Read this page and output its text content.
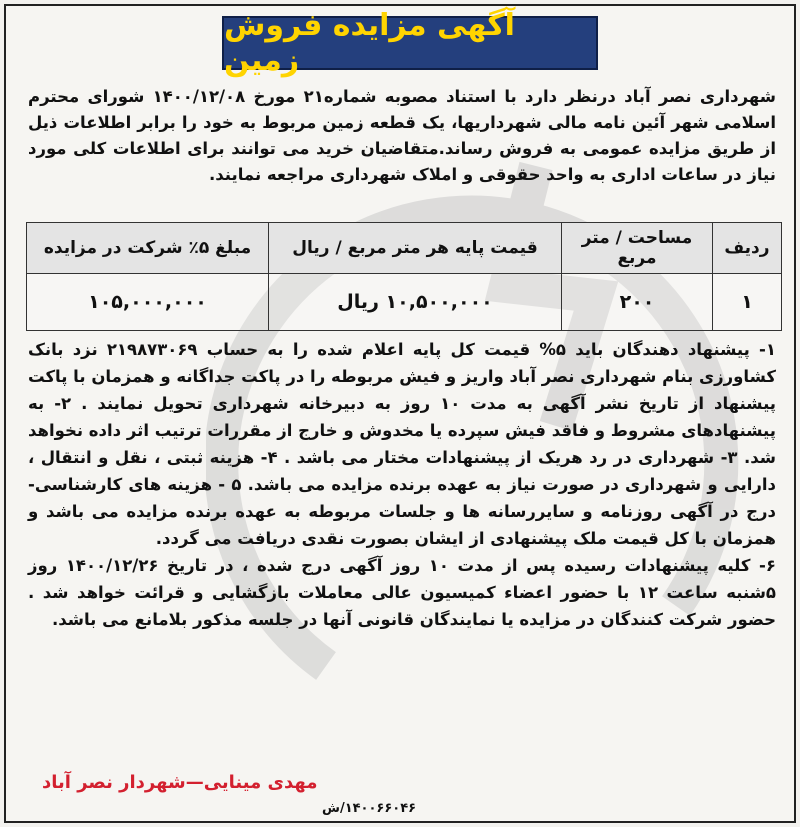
آگهی مزایده فروش زمین
شهرداری نصر آباد درنظر دارد با استناد مصوبه شماره۲۱ مورخ ۱۴۰۰/۱۲/۰۸ شورای محترم اسلامی شهر آئین نامه مالی شهرداریها، یک قطعه زمین مربوط به خود را برابر اطلاعات ذیل از طریق مزایده عمومی به فروش رساند.متقاضیان خرید می توانند برای اطلاعات کلی مورد نیاز در ساعات اداری به واحد حقوقی و املاک شهرداری مراجعه نمایند.
ردیف	مساحت / متر مربع	قیمت پایه هر متر مربع / ریال	مبلغ ۵٪ شرکت در مزایده
۱	۲۰۰	۱۰,۵۰۰,۰۰۰ ریال	۱۰۵,۰۰۰,۰۰۰

۱- پیشنهاد دهندگان باید ۵% قیمت کل پایه اعلام شده را به حساب ۲۱۹۸۷۳۰۶۹ نزد بانک کشاورزی بنام شهرداری نصر آباد واریز و فیش مربوطه را در پاکت جداگانه و همزمان با پاکت پیشنهاد از تاریخ نشر آگهی به مدت ۱۰ روز به دبیرخانه شهرداری تحویل نمایند . ۲- به پیشنهادهای مشروط و فاقد فیش سپرده یا مخدوش و خارج از مقررات ترتیب اثر داده نخواهد شد. ۳- شهرداری در رد هریک از پیشنهادات مختار می باشد . ۴- هزینه ثبتی ، نقل و انتقال ، دارایی و شهرداری در صورت نیاز به عهده برنده مزایده می باشد. ۵ - هزینه های کارشناسی- درج در آگهی روزنامه و سایررسانه ها و جلسات مربوطه به عهده برنده مزایده می باشد و همزمان با کل قیمت ملک پیشنهادی از ایشان بصورت نقدی دریافت می گردد.

۶- کلیه پیشنهادات رسیده پس از مدت ۱۰ روز آگهی درج شده ، در تاریخ ۱۴۰۰/۱۲/۲۶ روز ۵شنبه ساعت ۱۲ با حضور اعضاء کمیسیون عالی معاملات بازگشایی و قرائت خواهد شد . حضور شرکت کنندگان در مزایده یا نمایندگان قانونی آنها در جلسه مذکور بلامانع می باشد.

مهدی مینایی—شهردار نصر آباد
۱۴۰۰۶۶۰۴۶/ش
